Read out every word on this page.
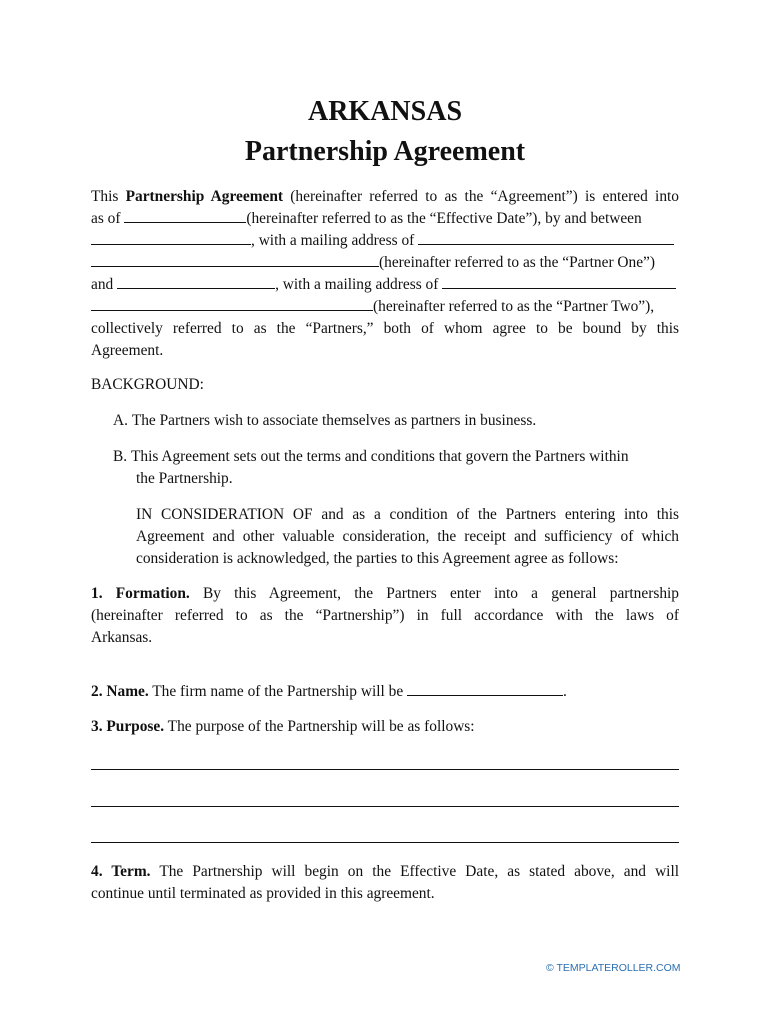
ARKANSAS
Partnership Agreement
This Partnership Agreement (hereinafter referred to as the “Agreement”) is entered into
as of	(hereinafter referred to as the “Effective Date”), by and between
, with a mailing address of
(hereinafter referred to as the “Partner One”)
and	, with a mailing address of
(hereinafter referred to as the “Partner Two”),
collectively referred to as the “Partners,” both of whom agree to be bound by this
Agreement.
BACKGROUND:
A. The Partners wish to associate themselves as partners in business.
B. This Agreement sets out the terms and conditions that govern the Partners within
the Partnership.
IN CONSIDERATION OF and as a condition of the Partners entering into this
Agreement and other valuable consideration, the receipt and sufficiency of which
consideration is acknowledged, the parties to this Agreement agree as follows:
1. Formation. By this Agreement, the Partners enter into a general partnership
(hereinafter referred to as the “Partnership”) in full accordance with the laws of
Arkansas.
2. Name. The firm name of the Partnership will be	.
3. Purpose. The purpose of the Partnership will be as follows:
4. Term. The Partnership will begin on the Effective Date, as stated above, and will
continue until terminated as provided in this agreement.
© TEMPLATEROLLER.COM
